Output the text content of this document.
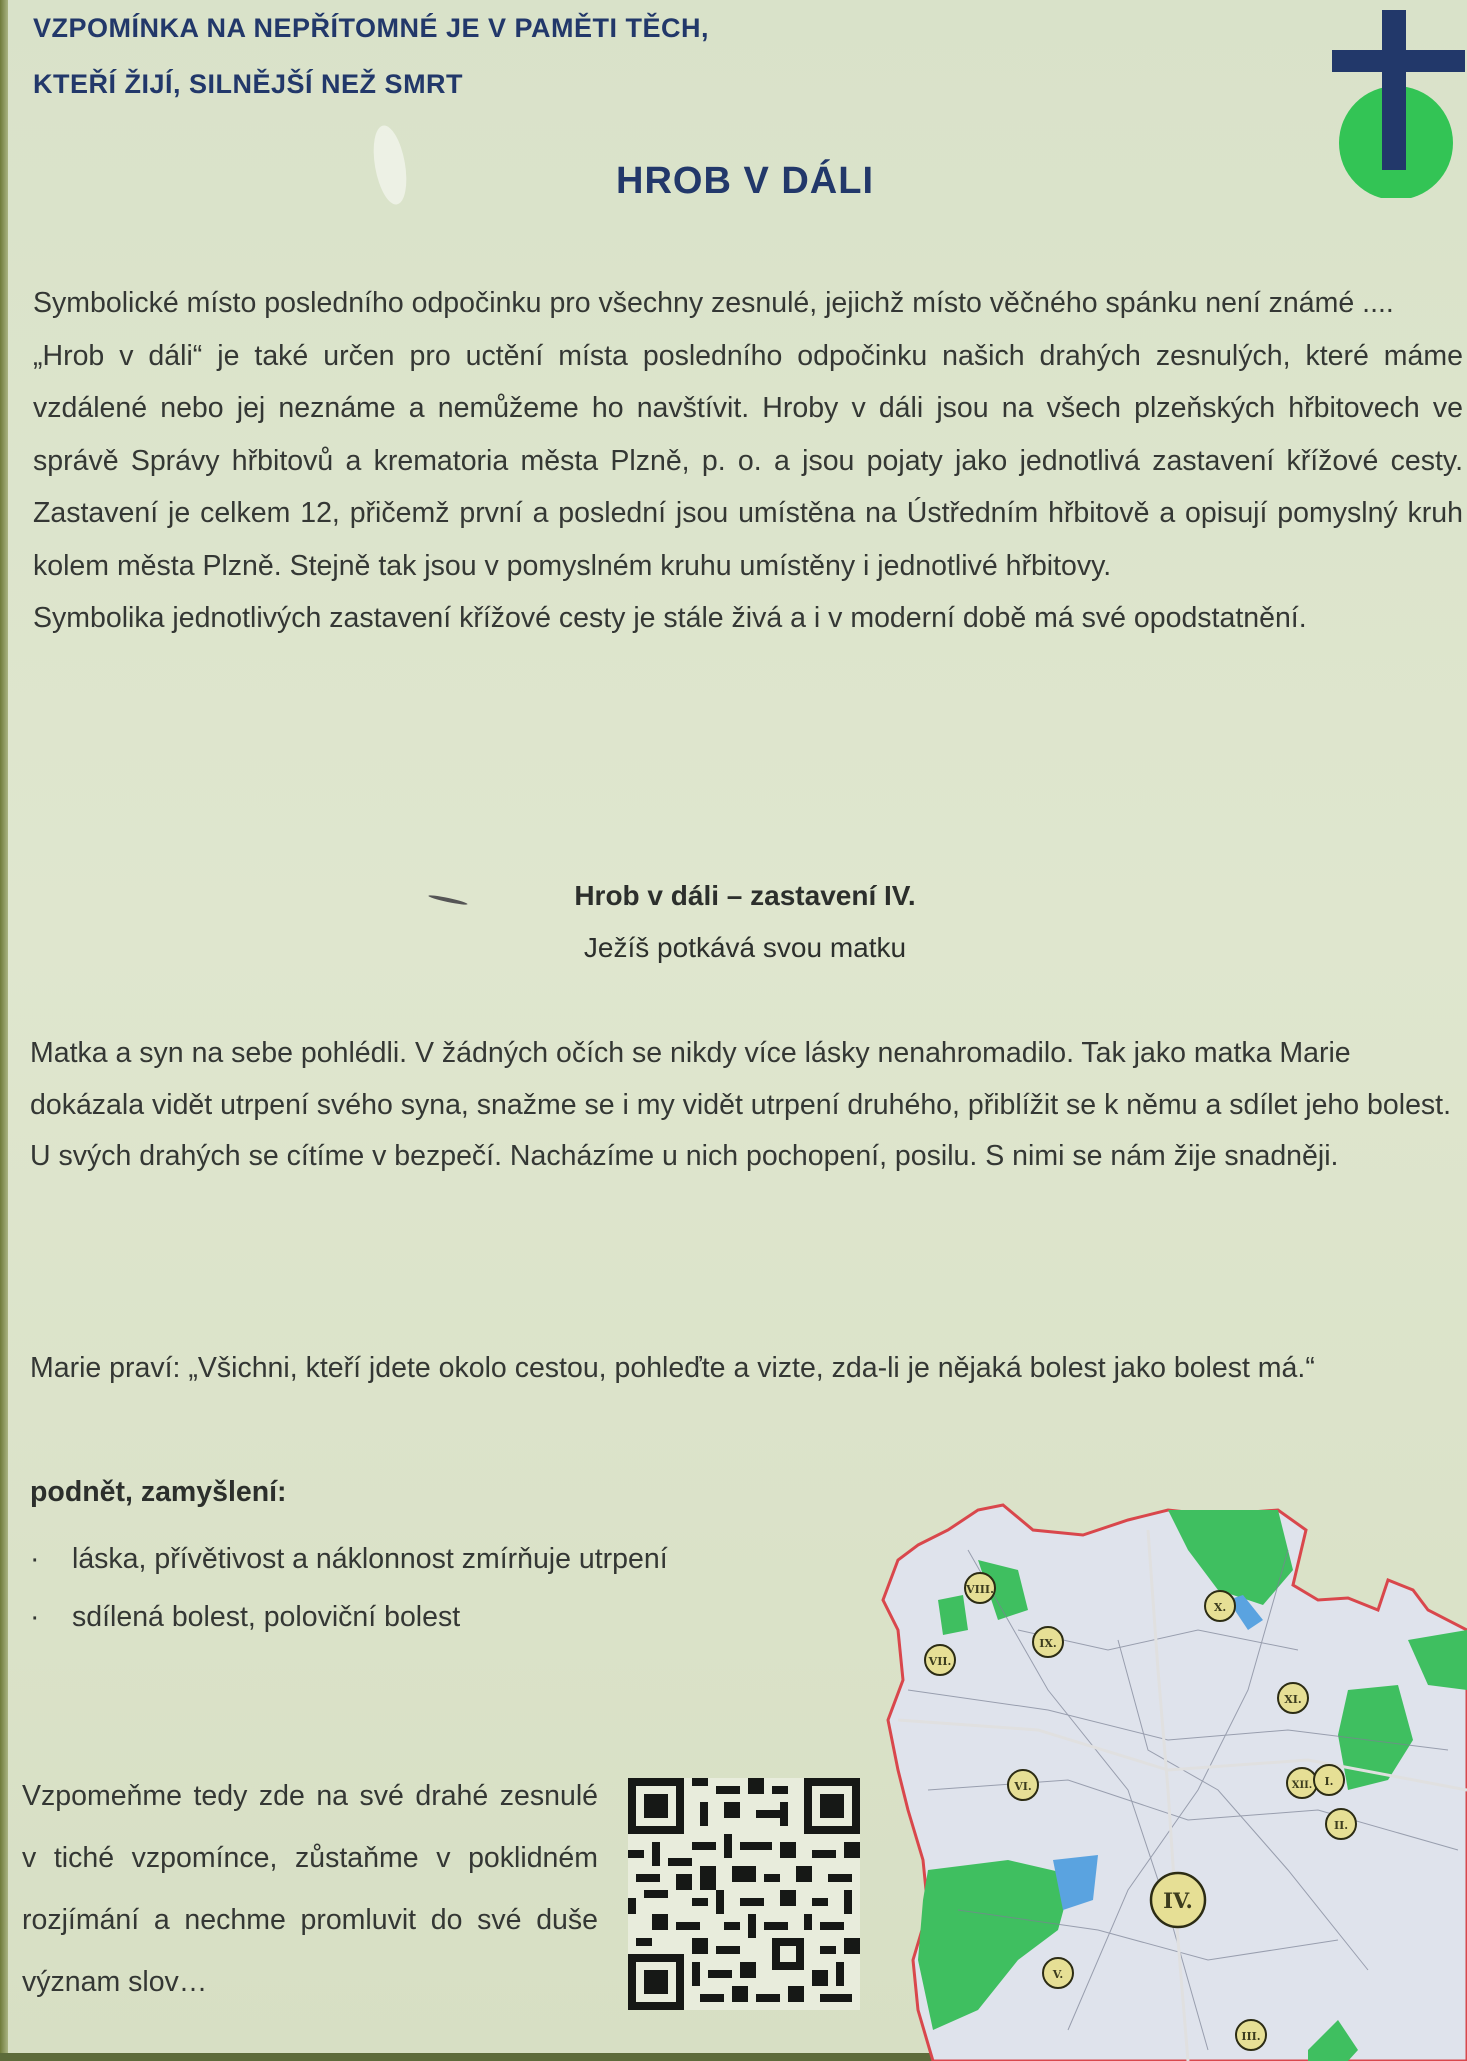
VZPOMÍNKA NA NEPŘÍTOMNÉ JE V PAMĚTI TĚCH,
KTEŘÍ ŽIJÍ, SILNĚJŠÍ NEŽ SMRT
HROB V DÁLI

Symbolické místo posledního odpočinku pro všechny zesnulé, jejichž místo věčného spánku není známé ....

„Hrob v dáli“ je také určen pro uctění místa posledního odpočinku našich drahých zesnulých, které máme vzdálené nebo jej neznáme a nemůžeme ho navštívit. Hroby v dáli jsou na všech plzeňských hřbitovech ve správě Správy hřbitovů a krematoria města Plzně, p. o. a jsou pojaty jako jednotlivá zastavení křížové cesty. Zastavení je celkem 12, přičemž první a poslední jsou umístěna na Ústředním hřbitově a opisují pomyslný kruh kolem města Plzně. Stejně tak jsou v pomyslném kruhu umístěny i jednotlivé hřbitovy.

Symbolika jednotlivých zastavení křížové cesty je stále živá a i v moderní době má své opodstatnění.

Hrob v dáli – zastavení IV.
Ježíš potkává svou matku

Matka a syn na sebe pohlédli. V žádných očích se nikdy více lásky nenahromadilo. Tak jako matka Marie dokázala vidět utrpení svého syna, snažme se i my vidět utrpení druhého, přiblížit se k němu a sdílet jeho bolest.

U svých drahých se cítíme v bezpečí. Nacházíme u nich pochopení, posilu. S nimi se nám žije snadněji.

Marie praví: „Všichni, kteří jdete okolo cestou, pohleďte a vizte, zda-li je nějaká bolest jako bolest má.“

podnět, zamyšlení:
· láska, přívětivost a náklonnost zmírňuje utrpení
· sdílená bolest, poloviční bolest

Vzpomeňme tedy zde na své drahé zesnulé v tiché vzpomínce, zůstaňme v poklidném rozjímání a nechme promluvit do své duše význam slov…

VIII.
IX.
X.
VII.
XI.
VI.	XII. I.
II.
IV.
V.
III.
